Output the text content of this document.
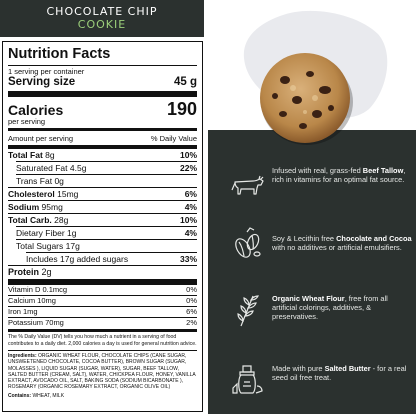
CHOCOLATE CHIP
COOKIE
Nutrition Facts
1 serving per container
Serving size	45 g
Calories
per serving
190
Amount per serving	% Daily Value
Total Fat 8g	10%
Saturated Fat 4.5g	22%
Trans Fat 0g
Cholesterol 15mg	6%
Sodium 95mg	4%
Total Carb. 28g	10%
Dietary Fiber 1g	4%
Total Sugars 17g
Includes 17g added sugars	33%
Protein 2g
Vitamin D 0.1mcg	0%
Calcium 10mg	0%
Iron 1mg	6%
Potassium 70mg	2%
The % Daily Value (DV) tells you how much a nutrient in a serving of food contributes to a daily diet. 2,000 calories a day is used for general nutrition advice.
Ingredients: ORGANIC WHEAT FLOUR, CHOCOLATE CHIPS (CANE SUGAR, UNSWEETENED CHOCOLATE, COCOA BUTTER), BROWN SUGAR (SUGAR, MOLASSES ), LIQUID SUGAR (SUGAR, WATER), SUGAR, BEEF TALLOW, SALTED BUTTER (CREAM, SALT), WATER, CHICKPEA FLOUR, HONEY, VANILLA EXTRACT, AVOCADO OIL, SALT, BAKING SODA (SODIUM BICARBONATE ), ROSEMARY (ORGANIC ROSEMARY EXTRACT, ORGANIC OLIVE OIL)
Contains: WHEAT, MILK
Infused with real, grass-fed Beef Tallow, rich in vitamins for an optimal fat source.
Soy & Lecithin free Chocolate and Cocoa with no additives or artificial emulsifiers.
Organic Wheat Flour, free from all artificial colorings, additives, & preservatives.
Made with pure Salted Butter - for a real seed oil free treat.
